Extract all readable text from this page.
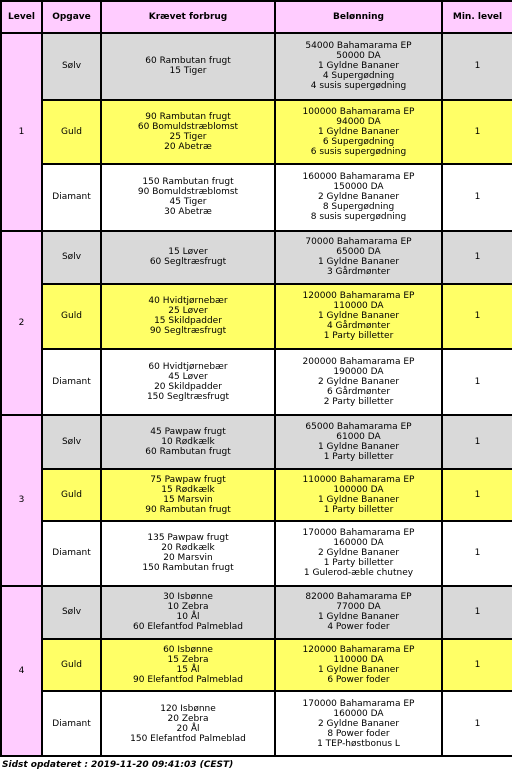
Level	Opgave	Krævet forbrug	Belønning	Min. level
1	Sølv	60 Rambutan frugt
15 Tiger	54000 Bahamarama EP
50000 DA
1 Gyldne Bananer
4 Supergødning
4 susis supergødning	1
	Guld	90 Rambutan frugt
60 Bomuldstræblomst
25 Tiger
20 Abetræ	100000 Bahamarama EP
94000 DA
1 Gyldne Bananer
6 Supergødning
6 susis supergødning	1
	Diamant	150 Rambutan frugt
90 Bomuldstræblomst
45 Tiger
30 Abetræ	160000 Bahamarama EP
150000 DA
2 Gyldne Bananer
8 Supergødning
8 susis supergødning	1
2	Sølv	15 Løver
60 Segltræsfrugt	70000 Bahamarama EP
65000 DA
1 Gyldne Bananer
3 Gårdmønter	1
	Guld	40 Hvidtjørnebær
25 Løver
15 Skildpadder
90 Segltræsfrugt	120000 Bahamarama EP
110000 DA
1 Gyldne Bananer
4 Gårdmønter
1 Party billetter	1
	Diamant	60 Hvidtjørnebær
45 Løver
20 Skildpadder
150 Segltræsfrugt	200000 Bahamarama EP
190000 DA
2 Gyldne Bananer
6 Gårdmønter
2 Party billetter	1
3	Sølv	45 Pawpaw frugt
10 Rødkælk
60 Rambutan frugt	65000 Bahamarama EP
61000 DA
1 Gyldne Bananer
1 Party billetter	1
	Guld	75 Pawpaw frugt
15 Rødkælk
15 Marsvin
90 Rambutan frugt	110000 Bahamarama EP
100000 DA
1 Gyldne Bananer
1 Party billetter	1
	Diamant	135 Pawpaw frugt
20 Rødkælk
20 Marsvin
150 Rambutan frugt	170000 Bahamarama EP
160000 DA
2 Gyldne Bananer
1 Party billetter
1 Gulerod-æble chutney	1
4	Sølv	30 Isbønne
10 Zebra
10 Ål
60 Elefantfod Palmeblad	82000 Bahamarama EP
77000 DA
1 Gyldne Bananer
4 Power foder	1
	Guld	60 Isbønne
15 Zebra
15 Ål
90 Elefantfod Palmeblad	120000 Bahamarama EP
110000 DA
1 Gyldne Bananer
6 Power foder	1
	Diamant	120 Isbønne
20 Zebra
20 Ål
150 Elefantfod Palmeblad	170000 Bahamarama EP
160000 DA
2 Gyldne Bananer
8 Power foder
1 TEP-høstbonus L	1
Sidst opdateret : 2019-11-20 09:41:03 (CEST)
